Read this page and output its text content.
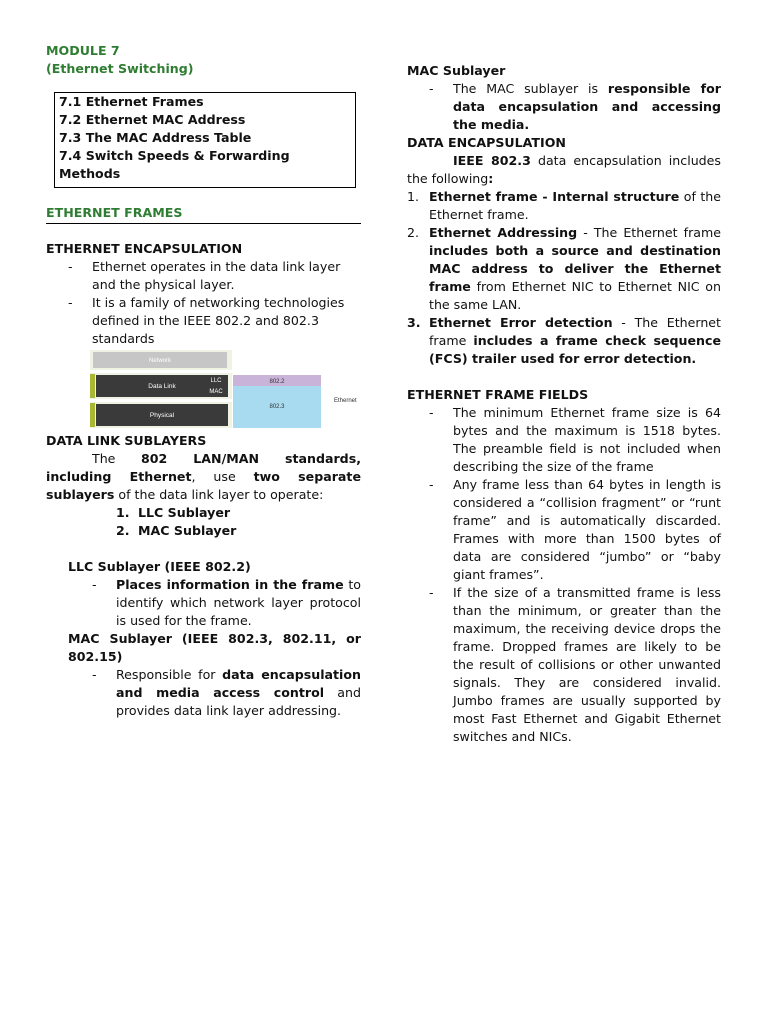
MODULE 7

(Ethernet Switching)

7.1 Ethernet Frames

7.2 Ethernet MAC Address

7.3 The MAC Address Table

7.4 Switch Speeds & Forwarding Methods

ETHERNET FRAMES

ETHERNET ENCAPSULATION

-	Ethernet operates in the data link layer and the physical layer.
-	It is a family of networking technologies defined in the IEEE 802.2 and 802.3 standards
Network
Data Link
LLC
MAC
Physical
802.2
802.3
Ethernet

DATA LINK SUBLAYERS

The 802 LAN/MAN standards, including Ethernet, use two separate sublayers of the data link layer to operate:

1. LLC Sublayer
2. MAC Sublayer

LLC Sublayer (IEEE 802.2)

-	Places information in the frame to identify which network layer protocol is used for the frame.

MAC Sublayer (IEEE 802.3, 802.11, or 802.15)

-	Responsible for data encapsulation and media access control and provides data link layer addressing.

MAC Sublayer

-	The MAC sublayer is responsible for data encapsulation and accessing the media.

DATA ENCAPSULATION

IEEE 802.3 data encapsulation includes the following:

1. Ethernet frame - Internal structure of the Ethernet frame.
2. Ethernet Addressing - The Ethernet frame includes both a source and destination MAC address to deliver the Ethernet frame from Ethernet NIC to Ethernet NIC on the same LAN.
3. Ethernet Error detection - The Ethernet frame includes a frame check sequence (FCS) trailer used for error detection.

ETHERNET FRAME FIELDS

-	The minimum Ethernet frame size is 64 bytes and the maximum is 1518 bytes. The preamble field is not included when describing the size of the frame
-	Any frame less than 64 bytes in length is considered a “collision fragment” or “runt frame” and is automatically discarded. Frames with more than 1500 bytes of data are considered “jumbo” or “baby giant frames”.
-	If the size of a transmitted frame is less than the minimum, or greater than the maximum, the receiving device drops the frame. Dropped frames are likely to be the result of collisions or other unwanted signals. They are considered invalid. Jumbo frames are usually supported by most Fast Ethernet and Gigabit Ethernet switches and NICs.
